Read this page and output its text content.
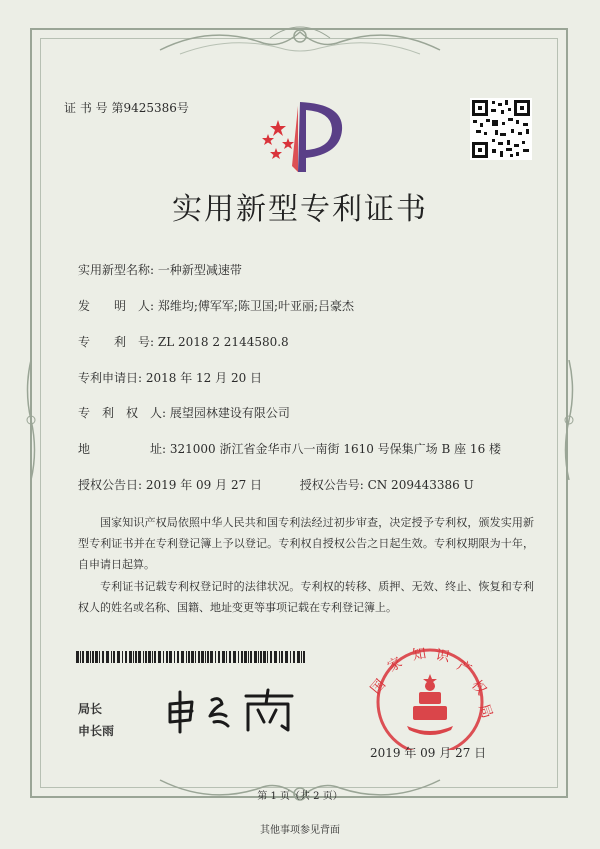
证 书 号 第9425386号
实用新型专利证书
实用新型名称: 一种新型减速带
发　　明　人: 郑维均;傅军军;陈卫国;叶亚丽;吕豪杰
专　　利　号: ZL 2018 2 2144580.8
专利申请日: 2018 年 12 月 20 日
专　利　权　人: 展望园林建设有限公司
地　　　　　址: 321000 浙江省金华市八一南街 1610 号保集广场 B 座 16 楼
授权公告日: 2019 年 09 月 27 日	授权公告号: CN 209443386 U
国家知识产权局依照中华人民共和国专利法经过初步审查，决定授予专利权，颁发实用新型专利证书并在专利登记簿上予以登记。专利权自授权公告之日起生效。专利权期限为十年，自申请日起算。
专利证书记载专利权登记时的法律状况。专利权的转移、质押、无效、终止、恢复和专利权人的姓名或名称、国籍、地址变更等事项记载在专利登记簿上。
局长
申长雨
国
家 知 识
产
权
局
2019 年 09 月 27 日
第 1 页（共 2 页）
其他事项参见背面
